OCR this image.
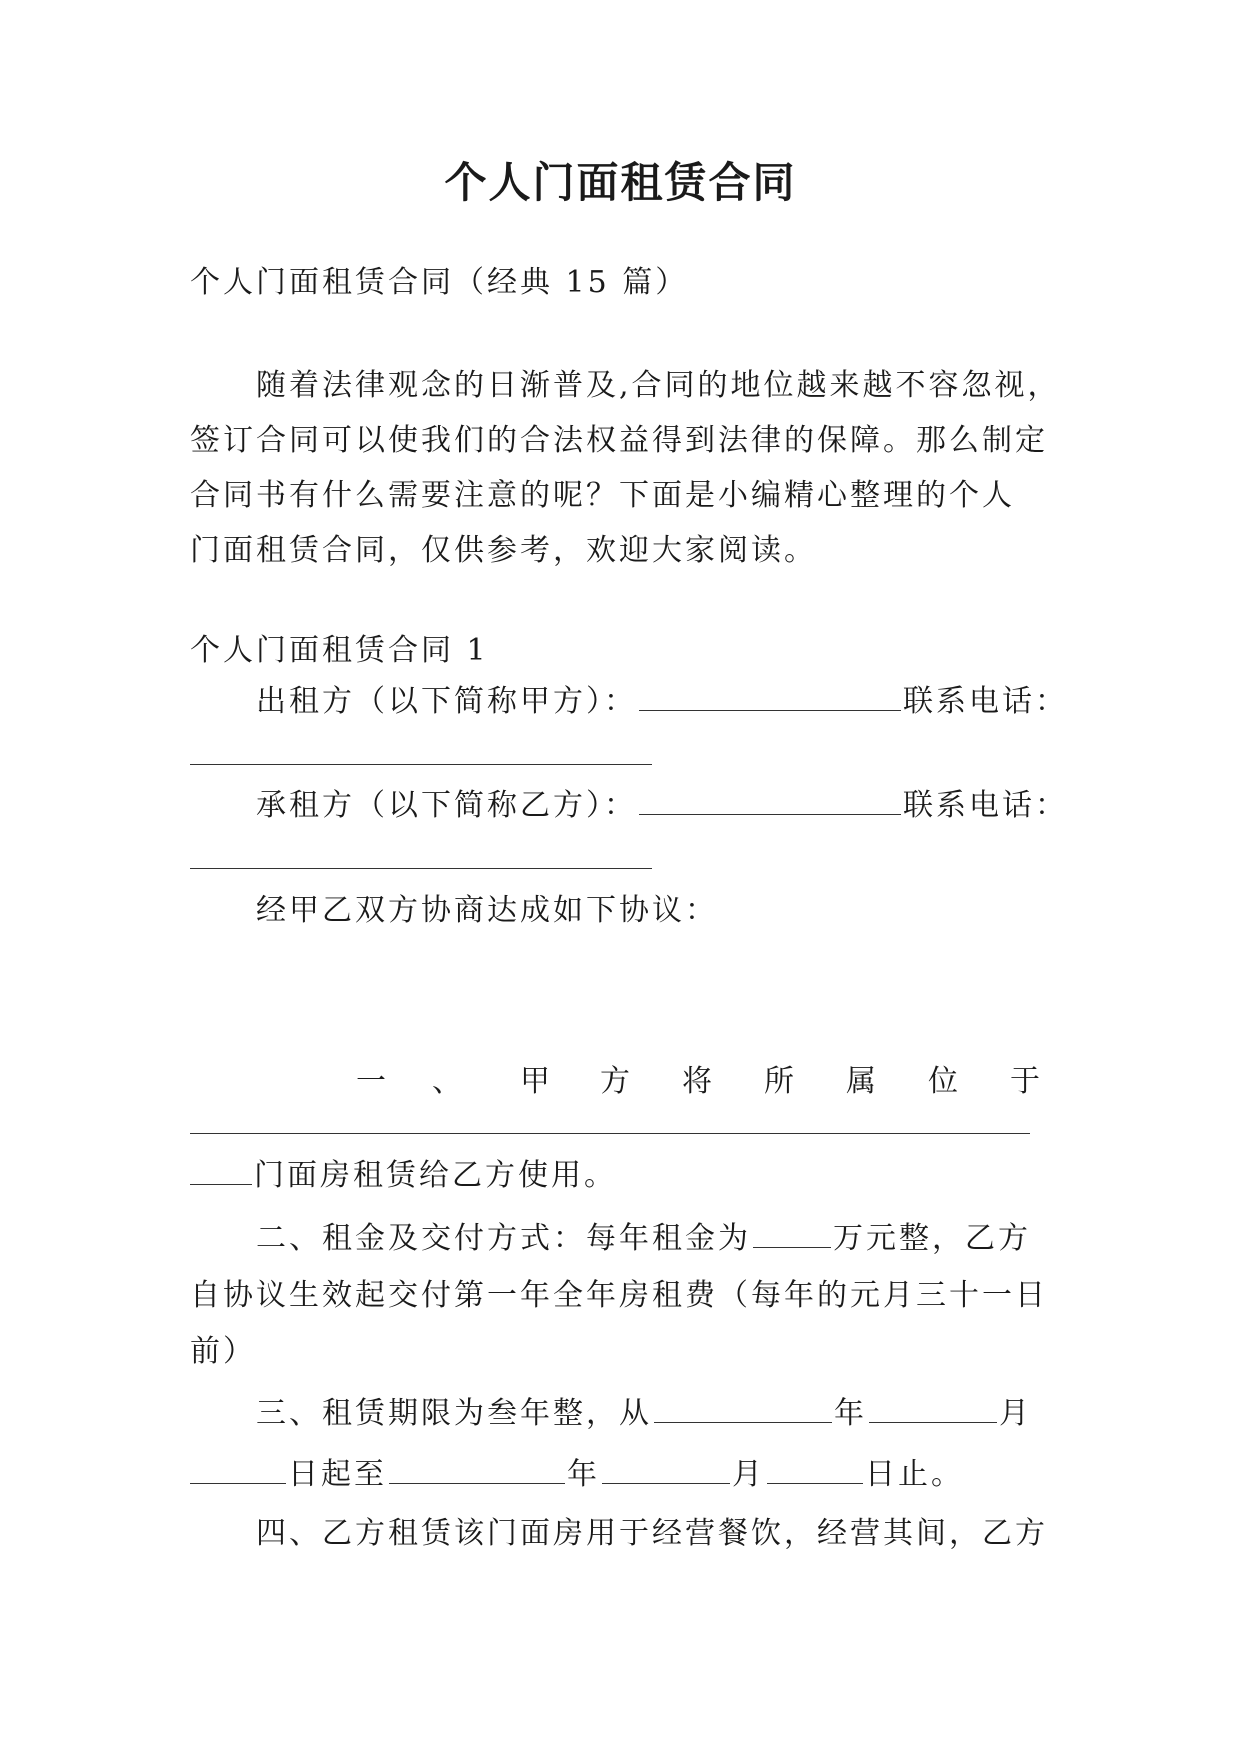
个人门面租赁合同
个人门面租赁合同（经典 15 篇）
随着法律观念的日渐普及,合同的地位越来越不容忽视，
签订合同可以使我们的合法权益得到法律的保障。那么制定
合同书有什么需要注意的呢？下面是小编精心整理的个人
门面租赁合同，仅供参考，欢迎大家阅读。
个人门面租赁合同 1
出租方（以下简称甲方）：	联系电话：
承租方（以下简称乙方）：	联系电话：
经甲乙双方协商达成如下协议：
一 、 甲 方 将 所 属 位 于
门面房租赁给乙方使用。
二、租金及交付方式：每年租金为	万元整，乙方
自协议生效起交付第一年全年房租费（每年的元月三十一日
前）
三、租赁期限为叁年整，从	年	月
日起至	年	月	日止。
四、乙方租赁该门面房用于经营餐饮，经营其间，乙方
